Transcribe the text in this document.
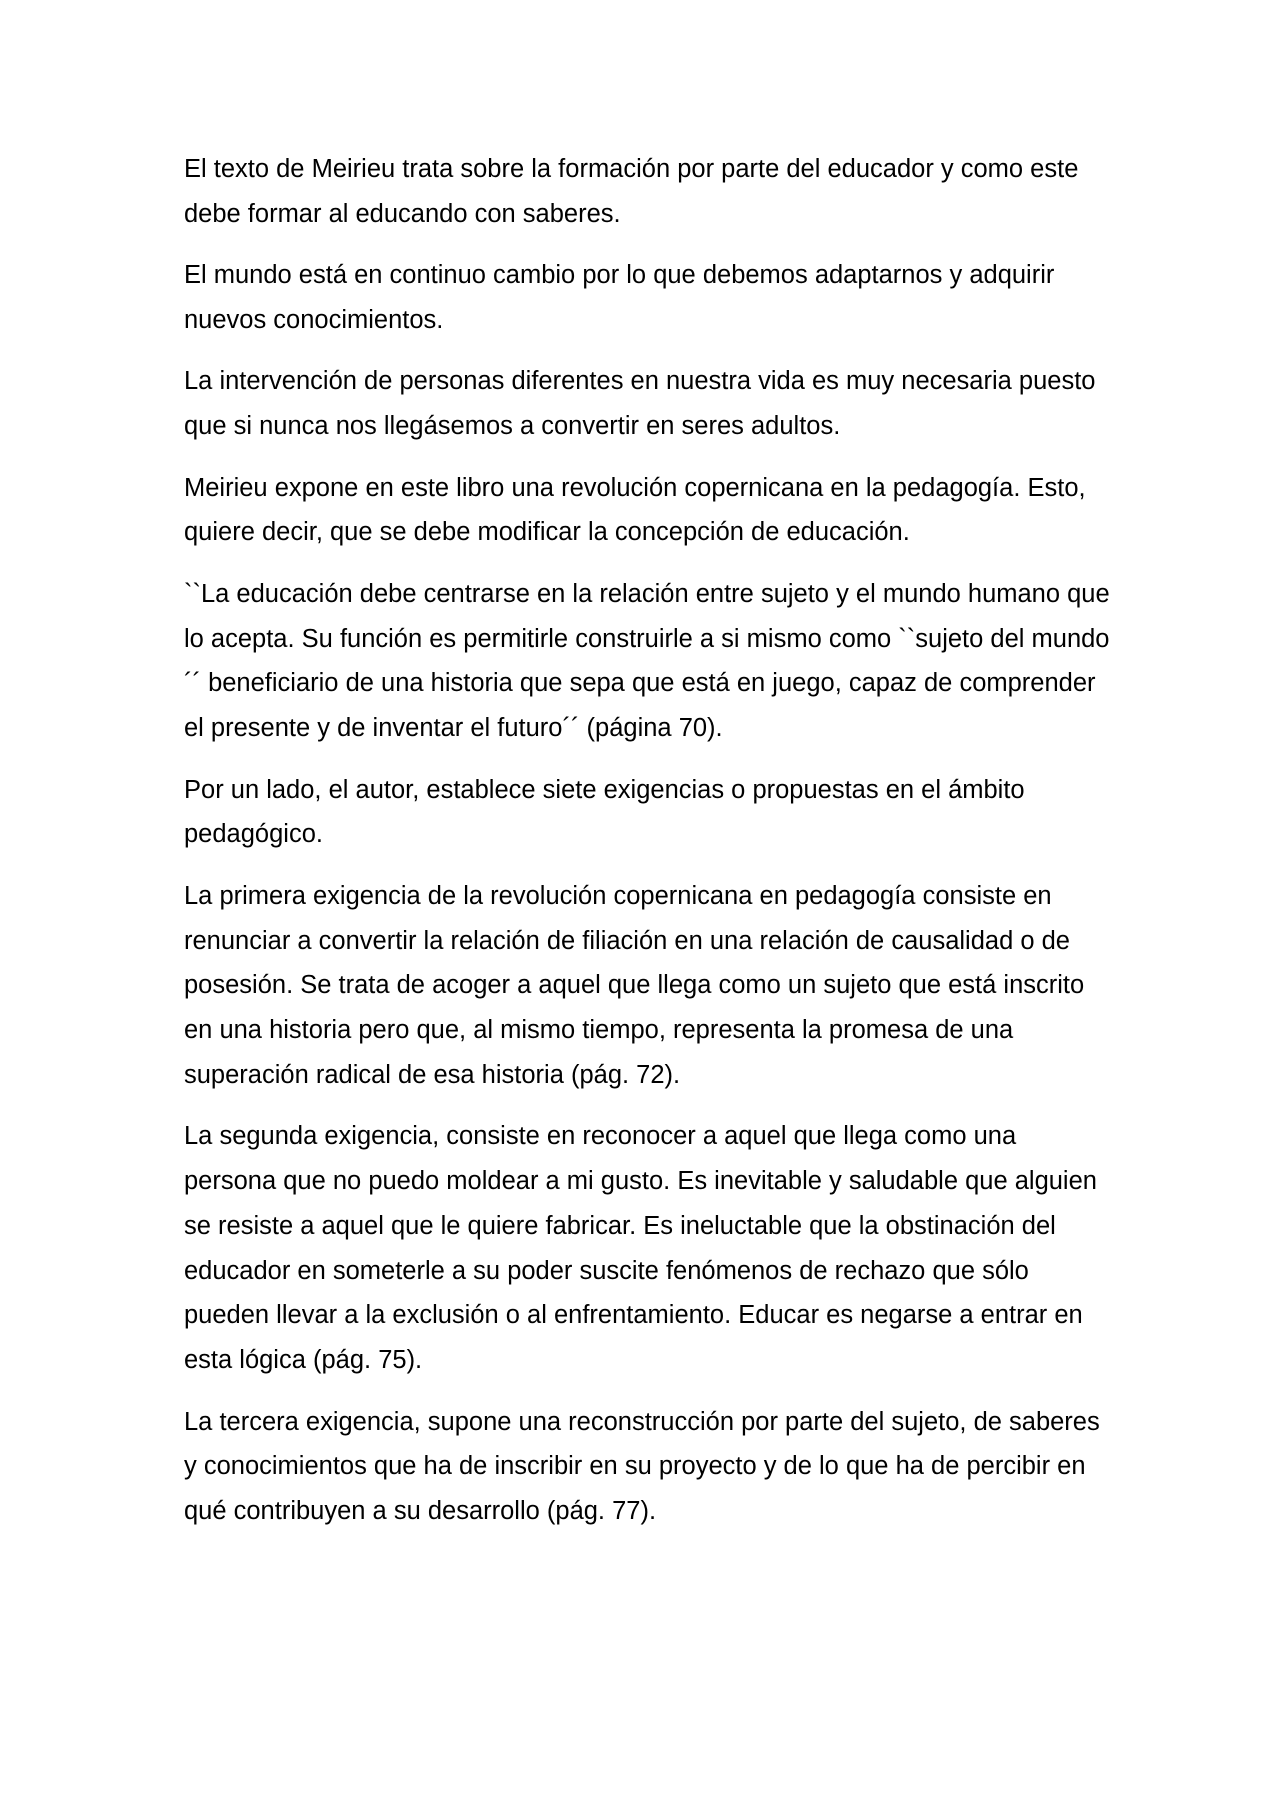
El texto de Meirieu trata sobre la formación por parte del educador y como este debe formar al educando con saberes.

El mundo está en continuo cambio por lo que debemos adaptarnos y adquirir nuevos conocimientos.

La intervención de personas diferentes en nuestra vida es muy necesaria puesto que si nunca nos llegásemos a convertir en seres adultos.

Meirieu expone en este libro una revolución copernicana en la pedagogía. Esto, quiere decir, que se debe modificar la concepción de educación.

``La educación debe centrarse en la relación entre sujeto y el mundo humano que lo acepta. Su función es permitirle construirle a si mismo como ``sujeto del mundo´´ beneficiario de una historia que sepa que está en juego, capaz de comprender el presente y de inventar el futuro´´ (página 70).

Por un lado, el autor, establece siete exigencias o propuestas en el ámbito pedagógico.

La primera exigencia de la revolución copernicana en pedagogía consiste en renunciar a convertir la relación de filiación en una relación de causalidad o de posesión. Se trata de acoger a aquel que llega como un sujeto que está inscrito en una historia pero que, al mismo tiempo, representa la promesa de una superación radical de esa historia (pág. 72).

La segunda exigencia, consiste en reconocer a aquel que llega como una persona que no puedo moldear a mi gusto. Es inevitable y saludable que alguien se resiste a aquel que le quiere fabricar. Es ineluctable que la obstinación del educador en someterle a su poder suscite fenómenos de rechazo que sólo pueden llevar a la exclusión o al enfrentamiento. Educar es negarse a entrar en esta lógica (pág. 75).

La tercera exigencia, supone una reconstrucción por parte del sujeto, de saberes y conocimientos que ha de inscribir en su proyecto y de lo que ha de percibir en qué contribuyen a su desarrollo (pág. 77).
